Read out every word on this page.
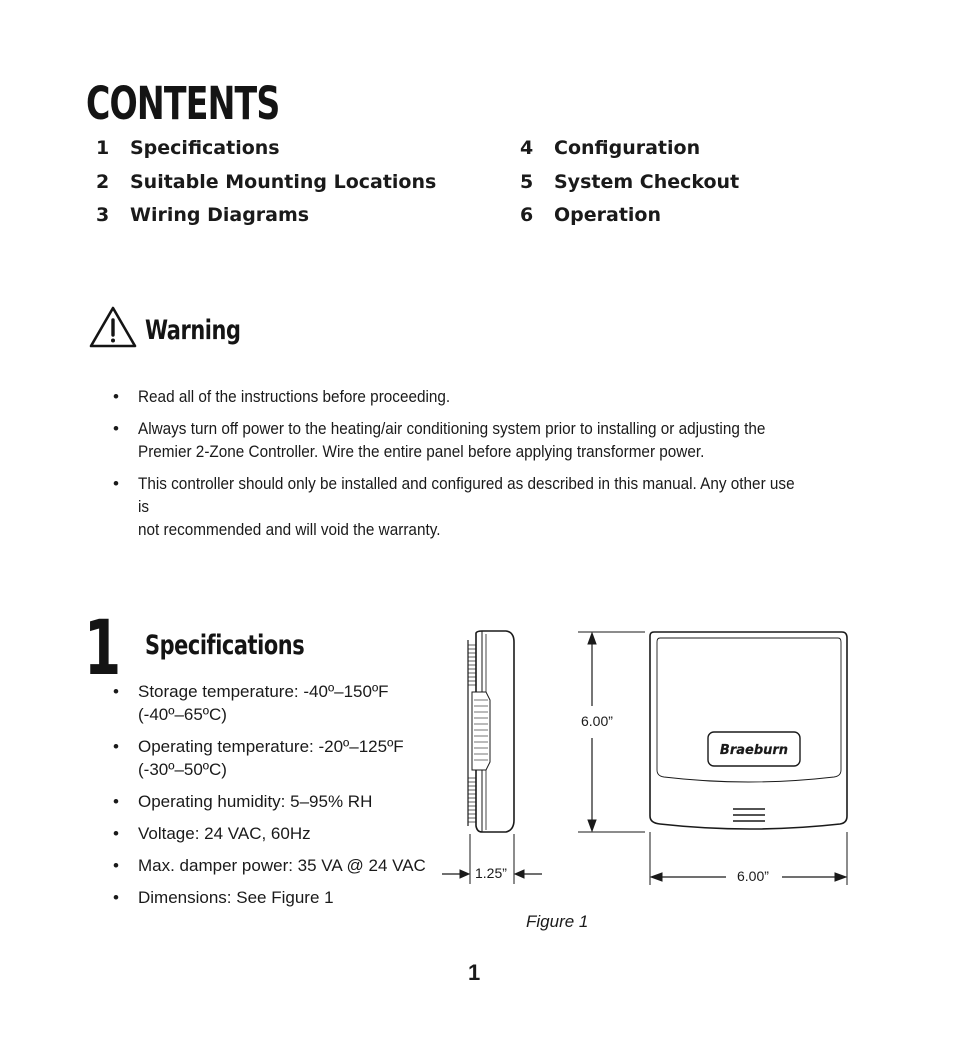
CONTENTS
1 Specifications
2 Suitable Mounting Locations
3 Wiring Diagrams
4 Configuration
5 System Checkout
6 Operation
Warning
• Read all of the instructions before proceeding.
• Always turn off power to the heating/air conditioning system prior to installing or adjusting the
Premier 2-Zone Controller. Wire the entire panel before applying transformer power.
• This controller should only be installed and configured as described in this manual. Any other use is
not recommended and will void the warranty.
1 Specifications
• Storage temperature: -40º–150ºF
(-40º–65ºC)
• Operating temperature: -20º–125ºF
(-30º–50ºC)
• Operating humidity: 5–95% RH
• Voltage: 24 VAC, 60Hz
• Max. damper power: 35 VA @ 24 VAC
• Dimensions: See Figure 1
1.25”
6.00”
Braeburn
6.00”
Figure 1
1
